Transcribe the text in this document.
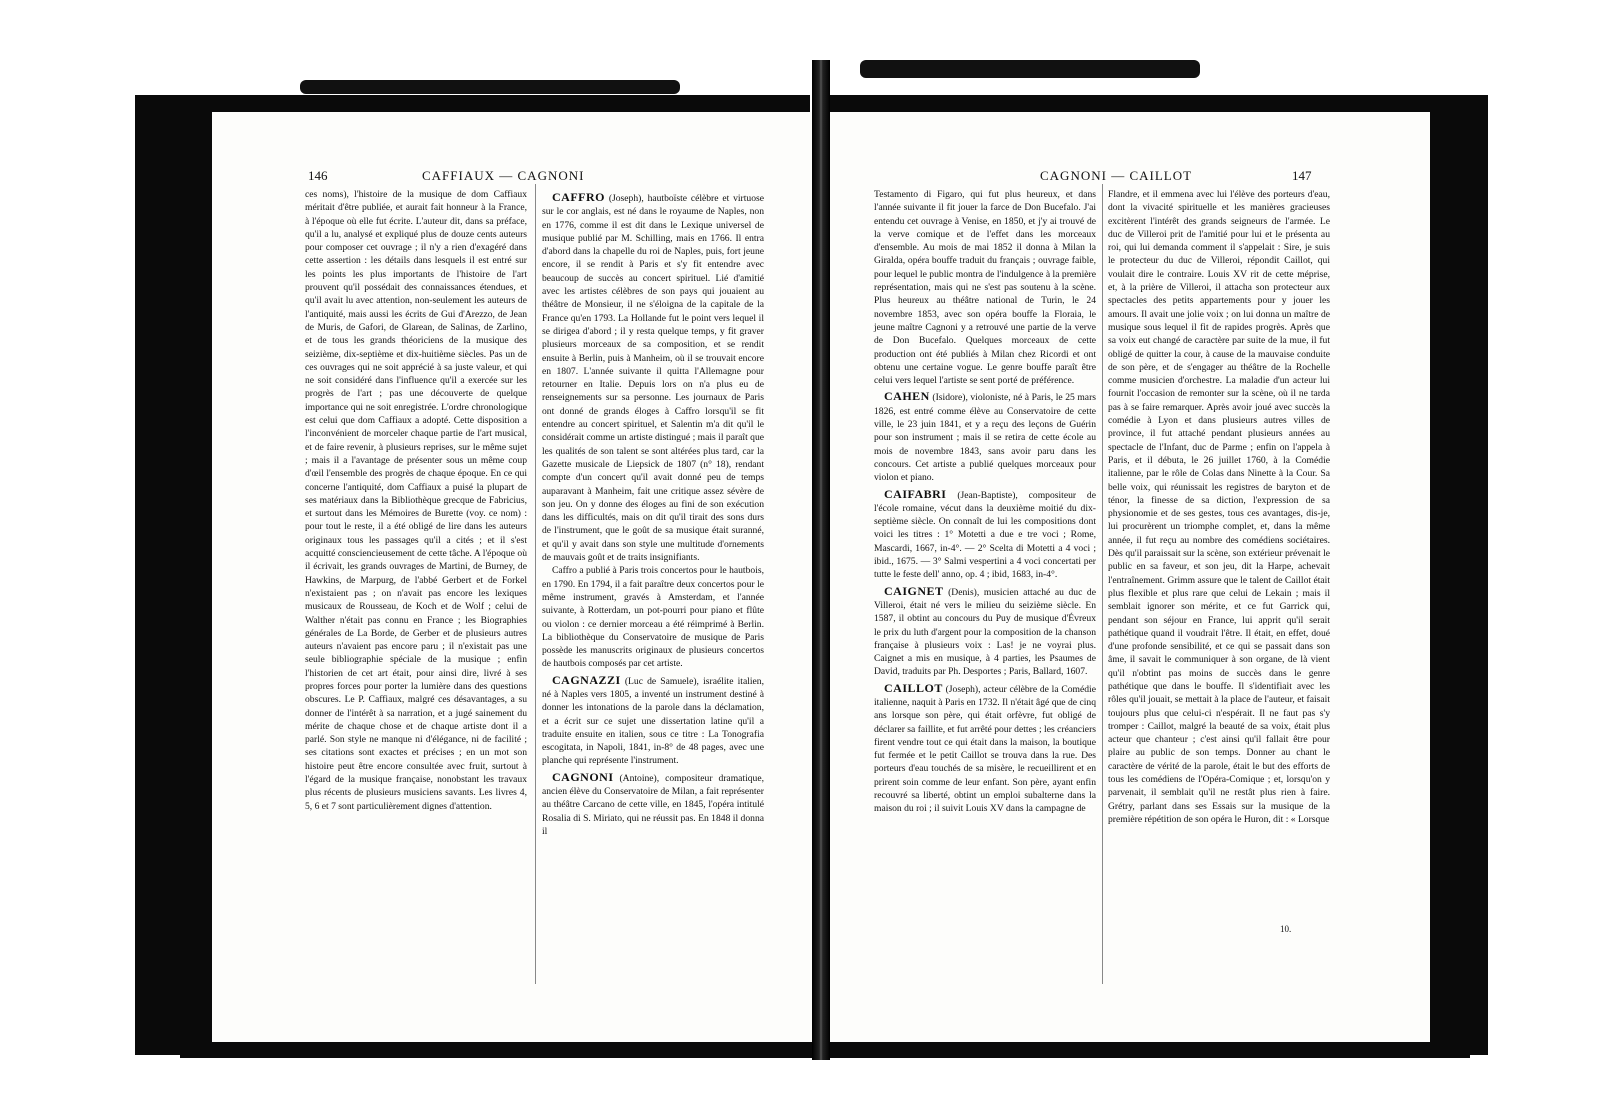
146	CAFFIAUX — CAGNONI

ces noms), l'histoire de la musique de dom Caffiaux méritait d'être publiée, et aurait fait honneur à la France, à l'époque où elle fut écrite. L'auteur dit, dans sa préface, qu'il a lu, analysé et expliqué plus de douze cents auteurs pour composer cet ouvrage ; il n'y a rien d'exagéré dans cette assertion : les détails dans lesquels il est entré sur les points les plus importants de l'histoire de l'art prouvent qu'il possédait des connaissances étendues, et qu'il avait lu avec attention, non-seulement les auteurs de l'antiquité, mais aussi les écrits de Gui d'Arezzo, de Jean de Muris, de Gafori, de Glarean, de Salinas, de Zarlino, et de tous les grands théoriciens de la musique des seizième, dix-septième et dix-huitième siècles. Pas un de ces ouvrages qui ne soit apprécié à sa juste valeur, et qui ne soit considéré dans l'influence qu'il a exercée sur les progrès de l'art ; pas une découverte de quelque importance qui ne soit enregistrée. L'ordre chronologique est celui que dom Caffiaux a adopté. Cette disposition a l'inconvénient de morceler chaque partie de l'art musical, et de faire revenir, à plusieurs reprises, sur le même sujet ; mais il a l'avantage de présenter sous un même coup d'œil l'ensemble des progrès de chaque époque. En ce qui concerne l'antiquité, dom Caffiaux a puisé la plupart de ses matériaux dans la Bibliothèque grecque de Fabricius, et surtout dans les Mémoires de Burette (voy. ce nom) : pour tout le reste, il a été obligé de lire dans les auteurs originaux tous les passages qu'il a cités ; et il s'est acquitté consciencieusement de cette tâche. A l'époque où il écrivait, les grands ouvrages de Martini, de Burney, de Hawkins, de Marpurg, de l'abbé Gerbert et de Forkel n'existaient pas ; on n'avait pas encore les lexiques musicaux de Rousseau, de Koch et de Wolf ; celui de Walther n'était pas connu en France ; les Biographies générales de La Borde, de Gerber et de plusieurs autres auteurs n'avaient pas encore paru ; il n'existait pas une seule bibliographie spéciale de la musique ; enfin l'historien de cet art était, pour ainsi dire, livré à ses propres forces pour porter la lumière dans des questions obscures. Le P. Caffiaux, malgré ces désavantages, a su donner de l'intérêt à sa narration, et a jugé sainement du mérite de chaque chose et de chaque artiste dont il a parlé. Son style ne manque ni d'élégance, ni de facilité ; ses citations sont exactes et précises ; en un mot son histoire peut être encore consultée avec fruit, surtout à l'égard de la musique française, nonobstant les travaux plus récents de plusieurs musiciens savants. Les livres 4, 5, 6 et 7 sont particulièrement dignes d'attention.

CAFFRO (Joseph), hautboïste célèbre et virtuose sur le cor anglais, est né dans le royaume de Naples, non en 1776, comme il est dit dans le Lexique universel de musique publié par M. Schilling, mais en 1766. Il entra d'abord dans la chapelle du roi de Naples, puis, fort jeune encore, il se rendit à Paris et s'y fit entendre avec beaucoup de succès au concert spirituel. Lié d'amitié avec les artistes célèbres de son pays qui jouaient au théâtre de Monsieur, il ne s'éloigna de la capitale de la France qu'en 1793. La Hollande fut le point vers lequel il se dirigea d'abord ; il y resta quelque temps, y fit graver plusieurs morceaux de sa composition, et se rendit ensuite à Berlin, puis à Manheim, où il se trouvait encore en 1807. L'année suivante il quitta l'Allemagne pour retourner en Italie. Depuis lors on n'a plus eu de renseignements sur sa personne. Les journaux de Paris ont donné de grands éloges à Caffro lorsqu'il se fit entendre au concert spirituel, et Salentin m'a dit qu'il le considérait comme un artiste distingué ; mais il paraît que les qualités de son talent se sont altérées plus tard, car la Gazette musicale de Liepsick de 1807 (n° 18), rendant compte d'un concert qu'il avait donné peu de temps auparavant à Manheim, fait une critique assez sévère de son jeu. On y donne des éloges au fini de son exécution dans les difficultés, mais on dit qu'il tirait des sons durs de l'instrument, que le goût de sa musique était suranné, et qu'il y avait dans son style une multitude d'ornements de mauvais goût et de traits insignifiants.

Caffro a publié à Paris trois concertos pour le hautbois, en 1790. En 1794, il a fait paraître deux concertos pour le même instrument, gravés à Amsterdam, et l'année suivante, à Rotterdam, un pot-pourri pour piano et flûte ou violon : ce dernier morceau a été réimprimé à Berlin. La bibliothèque du Conservatoire de musique de Paris possède les manuscrits originaux de plusieurs concertos de hautbois composés par cet artiste.

CAGNAZZI (Luc de Samuele), israélite italien, né à Naples vers 1805, a inventé un instrument destiné à donner les intonations de la parole dans la déclamation, et a écrit sur ce sujet une dissertation latine qu'il a traduite ensuite en italien, sous ce titre : La Tonografia escogitata, in Napoli, 1841, in-8° de 48 pages, avec une planche qui représente l'instrument.

CAGNONI (Antoine), compositeur dramatique, ancien élève du Conservatoire de Milan, a fait représenter au théâtre Carcano de cette ville, en 1845, l'opéra intitulé Rosalia di S. Miriato, qui ne réussit pas. En 1848 il donna il

CAGNONI — CAILLOT	147

Testamento di Figaro, qui fut plus heureux, et dans l'année suivante il fit jouer la farce de Don Bucefalo. J'ai entendu cet ouvrage à Venise, en 1850, et j'y ai trouvé de la verve comique et de l'effet dans les morceaux d'ensemble. Au mois de mai 1852 il donna à Milan la Giralda, opéra bouffe traduit du français ; ouvrage faible, pour lequel le public montra de l'indulgence à la première représentation, mais qui ne s'est pas soutenu à la scène. Plus heureux au théâtre national de Turin, le 24 novembre 1853, avec son opéra bouffe la Floraia, le jeune maître Cagnoni y a retrouvé une partie de la verve de Don Bucefalo. Quelques morceaux de cette production ont été publiés à Milan chez Ricordi et ont obtenu une certaine vogue. Le genre bouffe paraît être celui vers lequel l'artiste se sent porté de préférence.

CAHEN (Isidore), violoniste, né à Paris, le 25 mars 1826, est entré comme élève au Conservatoire de cette ville, le 23 juin 1841, et y a reçu des leçons de Guérin pour son instrument ; mais il se retira de cette école au mois de novembre 1843, sans avoir paru dans les concours. Cet artiste a publié quelques morceaux pour violon et piano.

CAIFABRI (Jean-Baptiste), compositeur de l'école romaine, vécut dans la deuxième moitié du dix-septième siècle. On connaît de lui les compositions dont voici les titres : 1° Motetti a due e tre voci ; Rome, Mascardi, 1667, in-4°. — 2° Scelta di Motetti a 4 voci ; ibid., 1675. — 3° Salmi vespertini a 4 voci concertati per tutte le feste dell' anno, op. 4 ; ibid, 1683, in-4°.

CAIGNET (Denis), musicien attaché au duc de Villeroi, était né vers le milieu du seizième siècle. En 1587, il obtint au concours du Puy de musique d'Évreux le prix du luth d'argent pour la composition de la chanson française à plusieurs voix : Las! je ne voyrai plus. Caignet a mis en musique, à 4 parties, les Psaumes de David, traduits par Ph. Desportes ; Paris, Ballard, 1607.

CAILLOT (Joseph), acteur célèbre de la Comédie italienne, naquit à Paris en 1732. Il n'était âgé que de cinq ans lorsque son père, qui était orfèvre, fut obligé de déclarer sa faillite, et fut arrêté pour dettes ; les créanciers firent vendre tout ce qui était dans la maison, la boutique fut fermée et le petit Caillot se trouva dans la rue. Des porteurs d'eau touchés de sa misère, le recueillirent et en prirent soin comme de leur enfant. Son père, ayant enfin recouvré sa liberté, obtint un emploi subalterne dans la maison du roi ; il suivit Louis XV dans la campagne de

Flandre, et il emmena avec lui l'élève des porteurs d'eau, dont la vivacité spirituelle et les manières gracieuses excitèrent l'intérêt des grands seigneurs de l'armée. Le duc de Villeroi prit de l'amitié pour lui et le présenta au roi, qui lui demanda comment il s'appelait : Sire, je suis le protecteur du duc de Villeroi, répondit Caillot, qui voulait dire le contraire. Louis XV rit de cette méprise, et, à la prière de Villeroi, il attacha son protecteur aux spectacles des petits appartements pour y jouer les amours. Il avait une jolie voix ; on lui donna un maître de musique sous lequel il fit de rapides progrès. Après que sa voix eut changé de caractère par suite de la mue, il fut obligé de quitter la cour, à cause de la mauvaise conduite de son père, et de s'engager au théâtre de la Rochelle comme musicien d'orchestre. La maladie d'un acteur lui fournit l'occasion de remonter sur la scène, où il ne tarda pas à se faire remarquer. Après avoir joué avec succès la comédie à Lyon et dans plusieurs autres villes de province, il fut attaché pendant plusieurs années au spectacle de l'Infant, duc de Parme ; enfin on l'appela à Paris, et il débuta, le 26 juillet 1760, à la Comédie italienne, par le rôle de Colas dans Ninette à la Cour. Sa belle voix, qui réunissait les registres de baryton et de ténor, la finesse de sa diction, l'expression de sa physionomie et de ses gestes, tous ces avantages, dis-je, lui procurèrent un triomphe complet, et, dans la même année, il fut reçu au nombre des comédiens sociétaires. Dès qu'il paraissait sur la scène, son extérieur prévenait le public en sa faveur, et son jeu, dit la Harpe, achevait l'entraînement. Grimm assure que le talent de Caillot était plus flexible et plus rare que celui de Lekain ; mais il semblait ignorer son mérite, et ce fut Garrick qui, pendant son séjour en France, lui apprit qu'il serait pathétique quand il voudrait l'être. Il était, en effet, doué d'une profonde sensibilité, et ce qui se passait dans son âme, il savait le communiquer à son organe, de là vient qu'il n'obtint pas moins de succès dans le genre pathétique que dans le bouffe. Il s'identifiait avec les rôles qu'il jouait, se mettait à la place de l'auteur, et faisait toujours plus que celui-ci n'espérait. Il ne faut pas s'y tromper : Caillot, malgré la beauté de sa voix, était plus acteur que chanteur ; c'est ainsi qu'il fallait être pour plaire au public de son temps. Donner au chant le caractère de vérité de la parole, était le but des efforts de tous les comédiens de l'Opéra-Comique ; et, lorsqu'on y parvenait, il semblait qu'il ne restât plus rien à faire. Grétry, parlant dans ses Essais sur la musique de la première répétition de son opéra le Huron, dit : « Lorsque

10.
